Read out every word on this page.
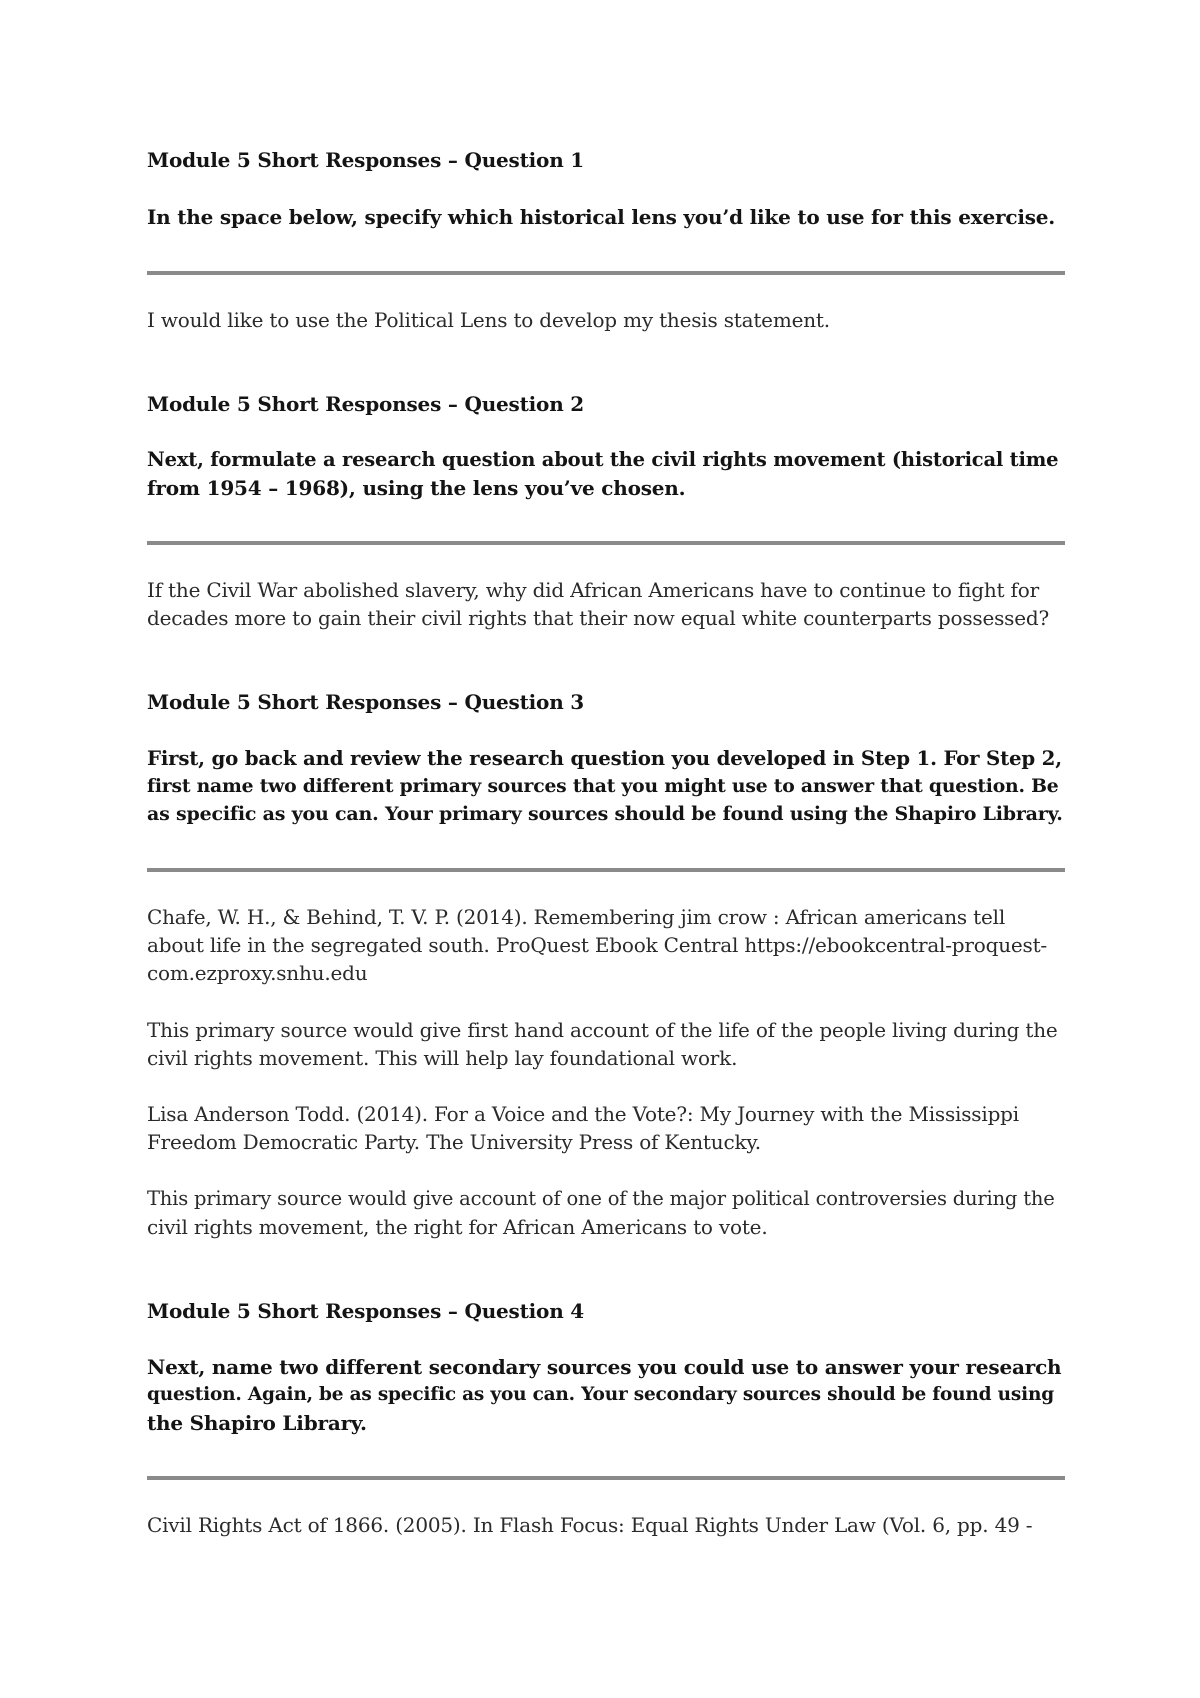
Module 5 Short Responses – Question 1

In the space below, specify which historical lens you’d like to use for this exercise.

I would like to use the Political Lens to develop my thesis statement.

Module 5 Short Responses – Question 2

Next, formulate a research question about the civil rights movement (historical time

from 1954 – 1968), using the lens you’ve chosen.

If the Civil War abolished slavery, why did African Americans have to continue to fight for

decades more to gain their civil rights that their now equal white counterparts possessed?

Module 5 Short Responses – Question 3

First, go back and review the research question you developed in Step 1. For Step 2,

first name two different primary sources that you might use to answer that question. Be

as specific as you can. Your primary sources should be found using the Shapiro Library.

Chafe, W. H., & Behind, T. V. P. (2014). Remembering jim crow : African americans tell

about life in the segregated south. ProQuest Ebook Central https://ebookcentral-proquest-

com.ezproxy.snhu.edu

This primary source would give first hand account of the life of the people living during the

civil rights movement. This will help lay foundational work.

Lisa Anderson Todd. (2014). For a Voice and the Vote?: My Journey with the Mississippi

Freedom Democratic Party. The University Press of Kentucky.

This primary source would give account of one of the major political controversies during the

civil rights movement, the right for African Americans to vote.

Module 5 Short Responses – Question 4

Next, name two different secondary sources you could use to answer your research

question. Again, be as specific as you can. Your secondary sources should be found using

the Shapiro Library.

Civil Rights Act of 1866. (2005). In Flash Focus: Equal Rights Under Law (Vol. 6, pp. 49 -
